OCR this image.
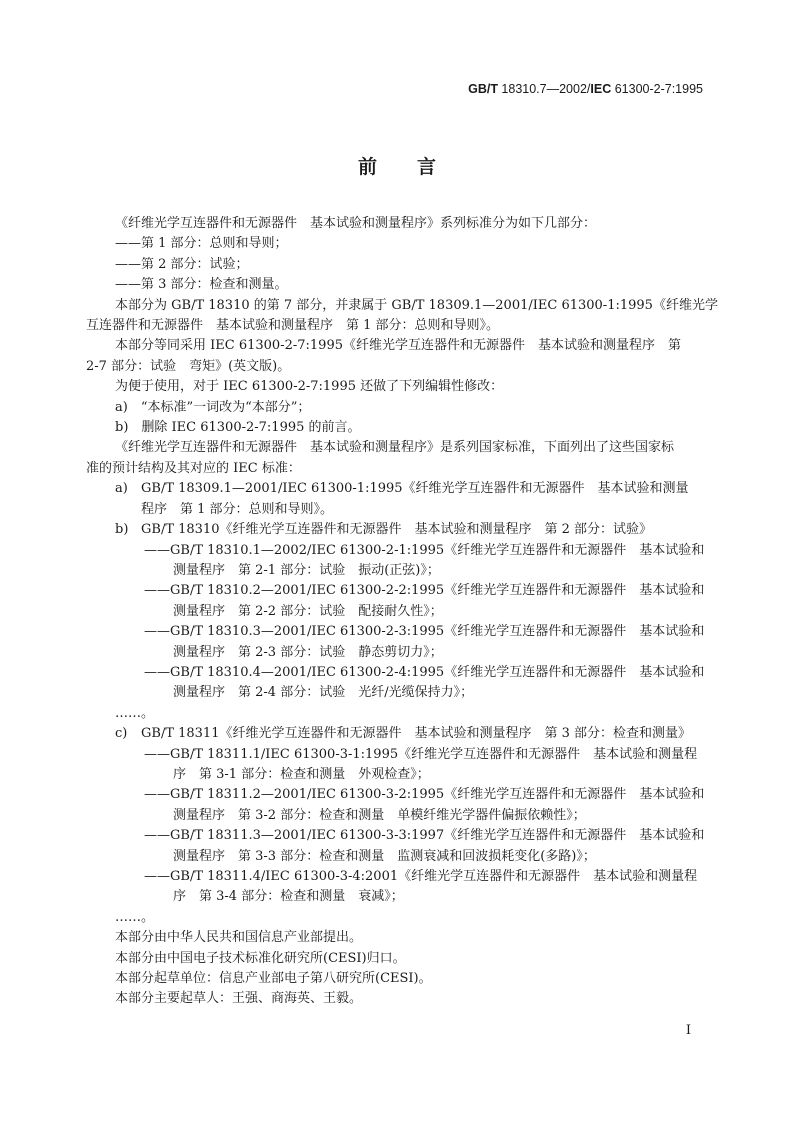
GB/T 18310.7—2002/IEC 61300-2-7:1995
前言

《纤维光学互连器件和无源器件　基本试验和测量程序》系列标准分为如下几部分：

——第 1 部分：总则和导则；

——第 2 部分：试验；

——第 3 部分：检查和测量。

本部分为 GB/T 18310 的第 7 部分，并隶属于 GB/T 18309.1—2001/IEC 61300-1:1995《纤维光学

互连器件和无源器件　基本试验和测量程序　第 1 部分：总则和导则》。

本部分等同采用 IEC 61300-2-7:1995《纤维光学互连器件和无源器件　基本试验和测量程序　第

2-7 部分：试验　弯矩》(英文版)。

为便于使用，对于 IEC 61300-2-7:1995 还做了下列编辑性修改：

a)　“本标准”一词改为“本部分”；

b)　删除 IEC 61300-2-7:1995 的前言。

《纤维光学互连器件和无源器件　基本试验和测量程序》是系列国家标准，下面列出了这些国家标

准的预计结构及其对应的 IEC 标准：

a) GB/T 18309.1—2001/IEC 61300-1:1995《纤维光学互连器件和无源器件　基本试验和测量

程序　第 1 部分：总则和导则》。

b) GB/T 18310《纤维光学互连器件和无源器件　基本试验和测量程序　第 2 部分：试验》

——GB/T 18310.1—2002/IEC 61300-2-1:1995《纤维光学互连器件和无源器件　基本试验和

测量程序　第 2-1 部分：试验　振动(正弦)》；

——GB/T 18310.2—2001/IEC 61300-2-2:1995《纤维光学互连器件和无源器件　基本试验和

测量程序　第 2-2 部分：试验　配接耐久性》；

——GB/T 18310.3—2001/IEC 61300-2-3:1995《纤维光学互连器件和无源器件　基本试验和

测量程序　第 2-3 部分：试验　静态剪切力》；

——GB/T 18310.4—2001/IEC 61300-2-4:1995《纤维光学互连器件和无源器件　基本试验和

测量程序　第 2-4 部分：试验　光纤/光缆保持力》；

……。

c) GB/T 18311《纤维光学互连器件和无源器件　基本试验和测量程序　第 3 部分：检查和测量》

——GB/T 18311.1/IEC 61300-3-1:1995《纤维光学互连器件和无源器件　基本试验和测量程

序　第 3-1 部分：检查和测量　外观检查》；

——GB/T 18311.2—2001/IEC 61300-3-2:1995《纤维光学互连器件和无源器件　基本试验和

测量程序　第 3-2 部分：检查和测量　单模纤维光学器件偏振依赖性》；

——GB/T 18311.3—2001/IEC 61300-3-3:1997《纤维光学互连器件和无源器件　基本试验和

测量程序　第 3-3 部分：检查和测量　监测衰减和回波损耗变化(多路)》；

——GB/T 18311.4/IEC 61300-3-4:2001《纤维光学互连器件和无源器件　基本试验和测量程

序　第 3-4 部分：检查和测量　衰减》；

……。

本部分由中华人民共和国信息产业部提出。

本部分由中国电子技术标准化研究所(CESI)归口。

本部分起草单位：信息产业部电子第八研究所(CESI)。

本部分主要起草人：王强、商海英、王毅。

I
